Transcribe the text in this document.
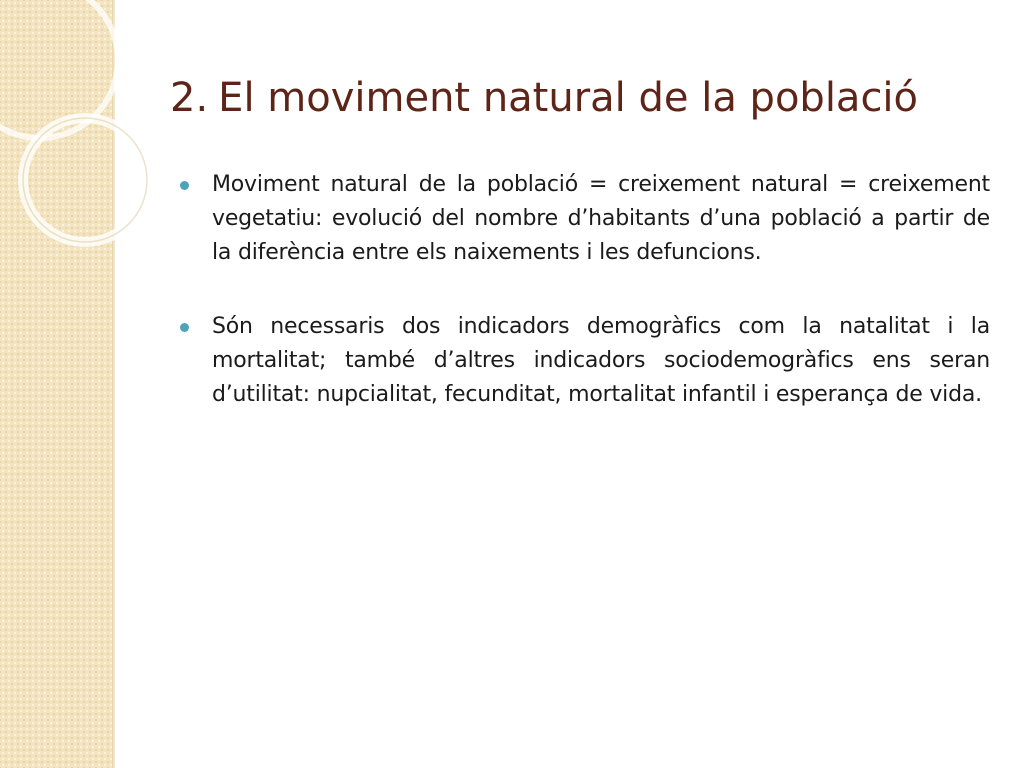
2. El moviment natural de la població
Moviment natural de la població = creixement natural = creixement vegetatiu: evolució del nombre d’habitants d’una població a partir de la diferència entre els naixements i les defuncions.
Són necessaris dos indicadors demogràfics com la natalitat i la mortalitat; també d’altres indicadors sociodemogràfics ens seran d’utilitat: nupcialitat, fecunditat, mortalitat infantil i esperança de vida.
